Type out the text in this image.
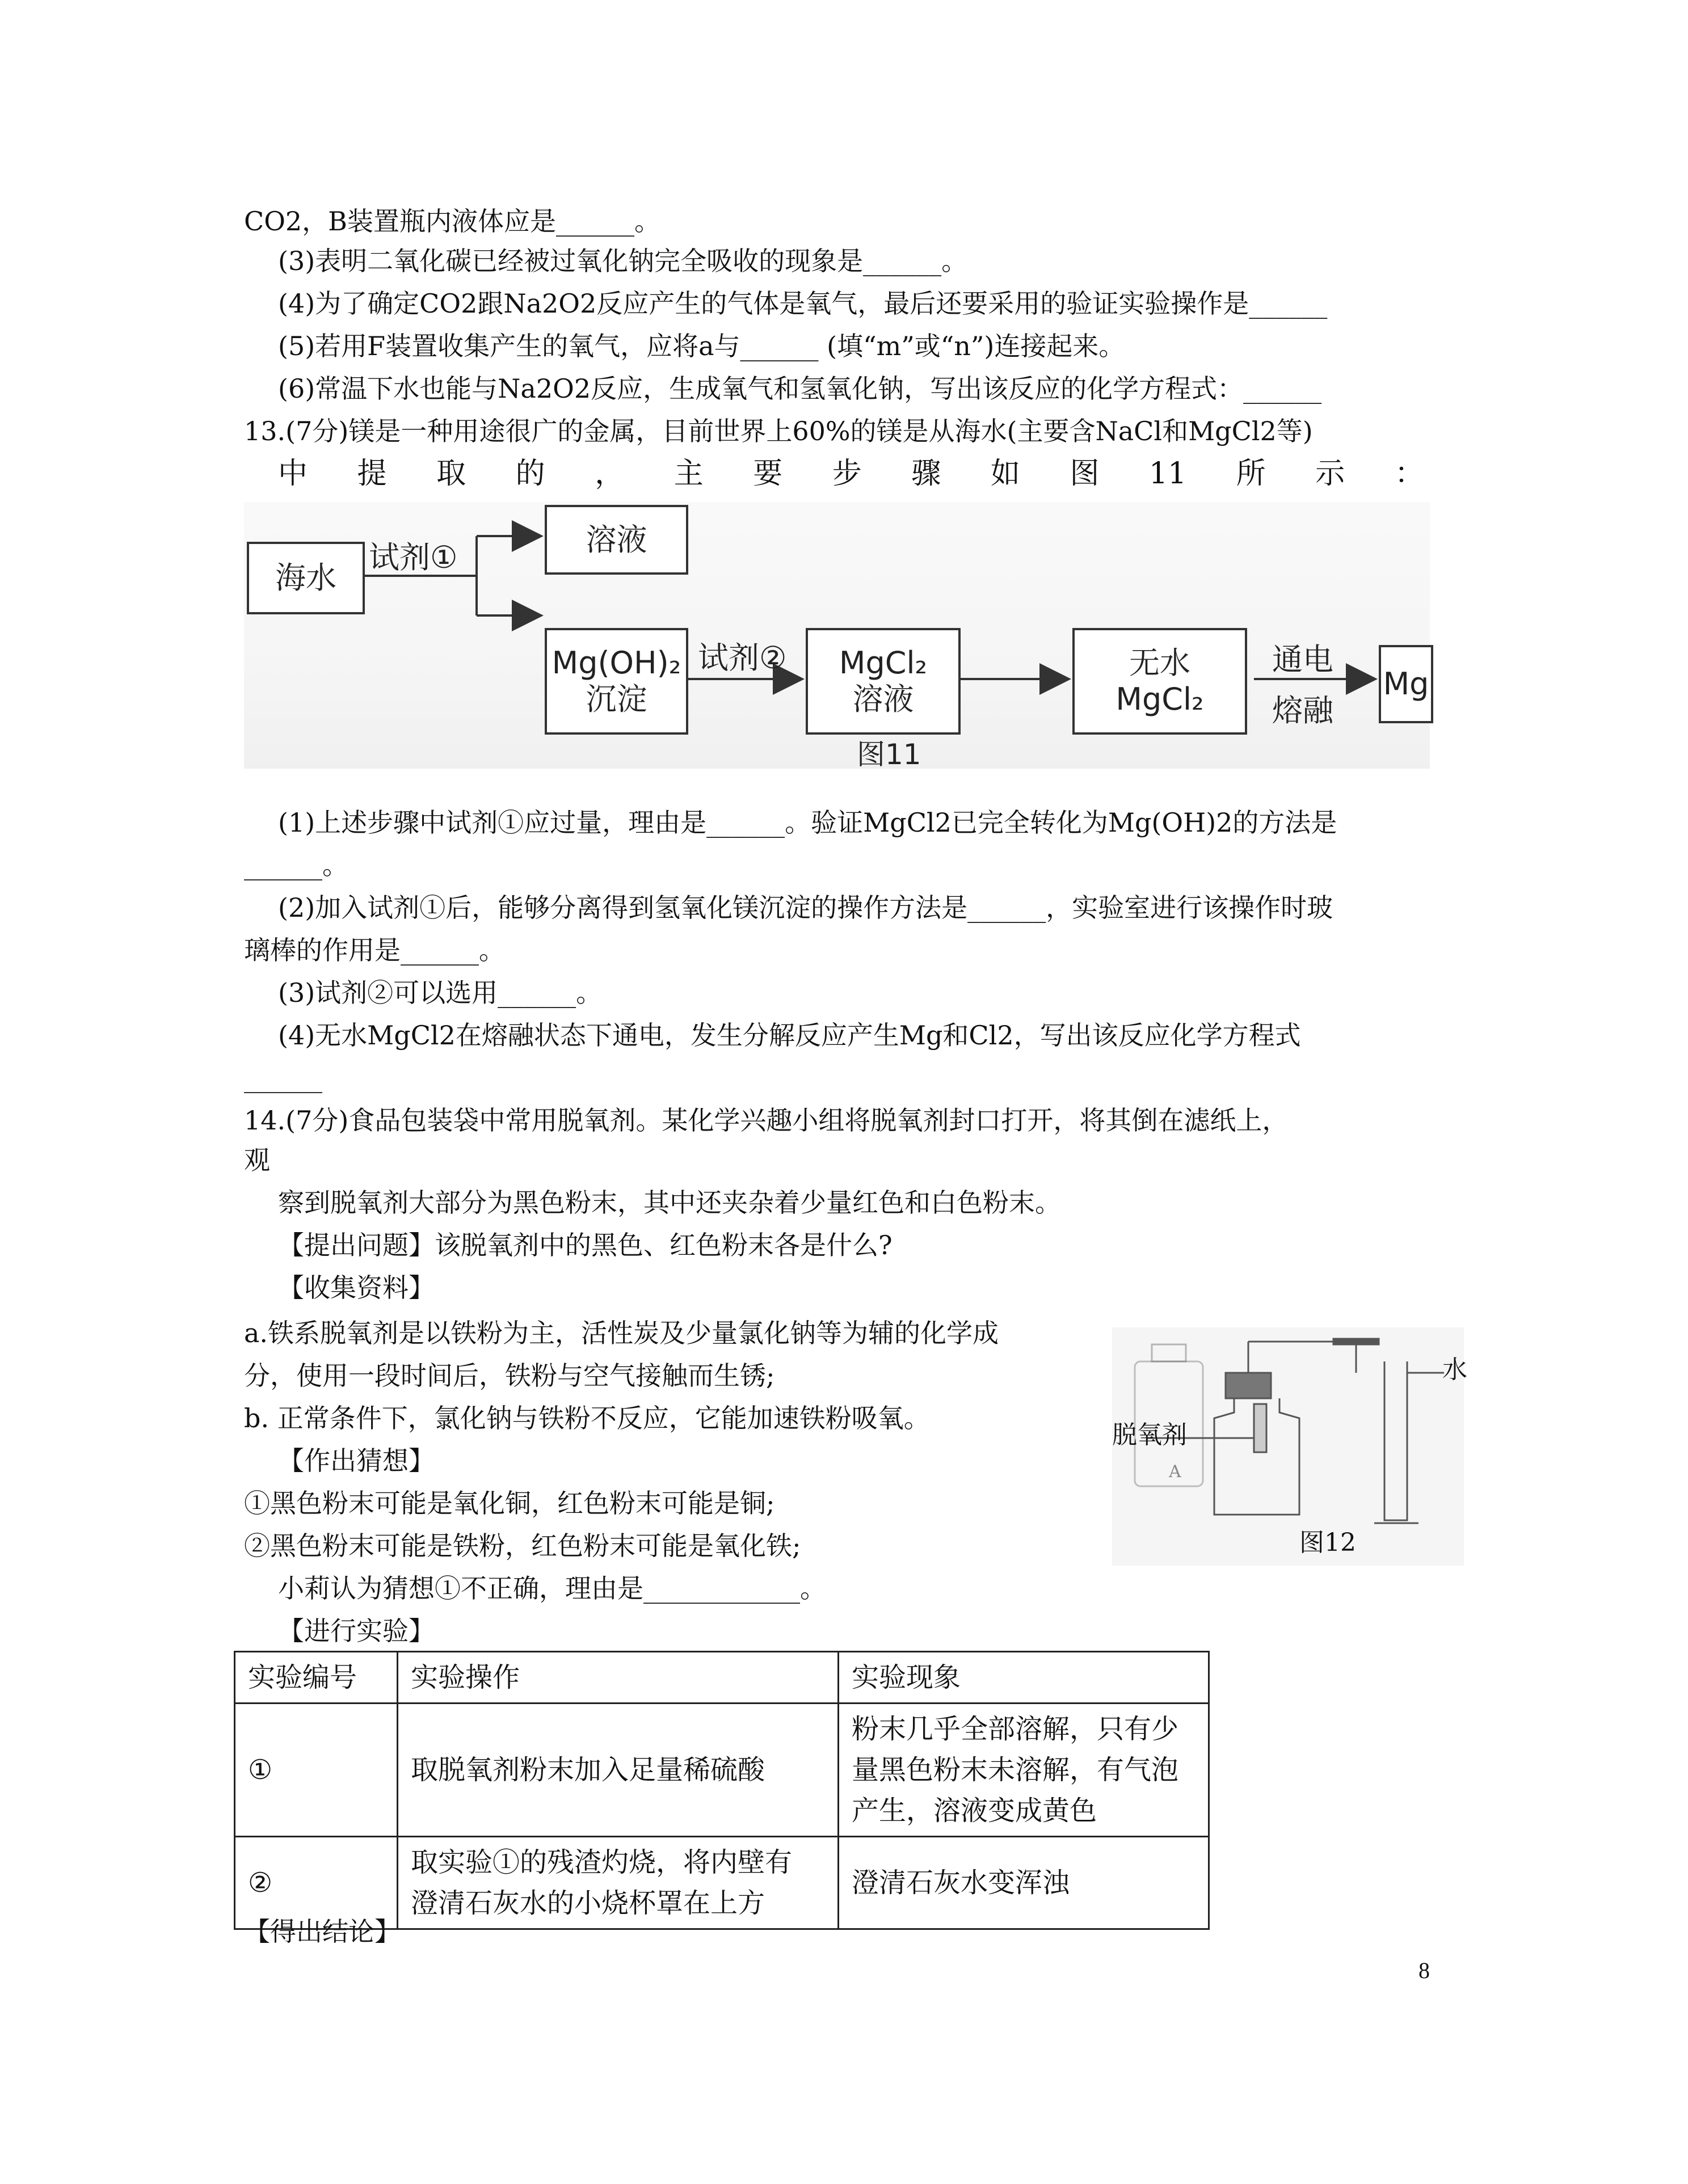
CO2，B装置瓶内液体应是______。
(3)表明二氧化碳已经被过氧化钠完全吸收的现象是______。
(4)为了确定CO2跟Na2O2反应产生的气体是氧气，最后还要采用的验证实验操作是______
(5)若用F装置收集产生的氧气，应将a与______ (填“m”或“n”)连接起来。
(6)常温下水也能与Na2O2反应，生成氧气和氢氧化钠，写出该反应的化学方程式：______
13.(7分)镁是一种用途很广的金属，目前世界上60%的镁是从海水(主要含NaCl和MgCl2等)
中 提 取 的 ， 主 要 步 骤 如 图 11 所 示 ：
海水
试剂①	溶液
Mg(OH)₂
沉淀
试剂② MgCl₂
溶液
无水
MgCl₂
通电
熔融
Mg
图11
(1)上述步骤中试剂①应过量，理由是______。验证MgCl2已完全转化为Mg(OH)2的方法是
______。
(2)加入试剂①后，能够分离得到氢氧化镁沉淀的操作方法是______，实验室进行该操作时玻
璃棒的作用是______。
(3)试剂②可以选用______。
(4)无水MgCl2在熔融状态下通电，发生分解反应产生Mg和Cl2，写出该反应化学方程式
______
14.(7分)食品包装袋中常用脱氧剂。某化学兴趣小组将脱氧剂封口打开，将其倒在滤纸上，
观
察到脱氧剂大部分为黑色粉末，其中还夹杂着少量红色和白色粉末。
【提出问题】该脱氧剂中的黑色、红色粉末各是什么?
【收集资料】
a.铁系脱氧剂是以铁粉为主，活性炭及少量氯化钠等为辅的化学成
分，使用一段时间后，铁粉与空气接触而生锈;
b. 正常条件下，氯化钠与铁粉不反应，它能加速铁粉吸氧。
【作出猜想】
①黑色粉末可能是氧化铜，红色粉末可能是铜;
②黑色粉末可能是铁粉，红色粉末可能是氧化铁;
小莉认为猜想①不正确，理由是____________。
【进行实验】
脱氧剂
水
A
图12
实验编号	实验操作	实验现象
①	取脱氧剂粉末加入足量稀硫酸	粉末几乎全部溶解，只有少
量黑色粉末未溶解，有气泡
产生，溶液变成黄色

②	取实验①的残渣灼烧，将内壁有
澄清石灰水的小烧杯罩在上方	澄清石灰水变浑浊
【得出结论】
8
